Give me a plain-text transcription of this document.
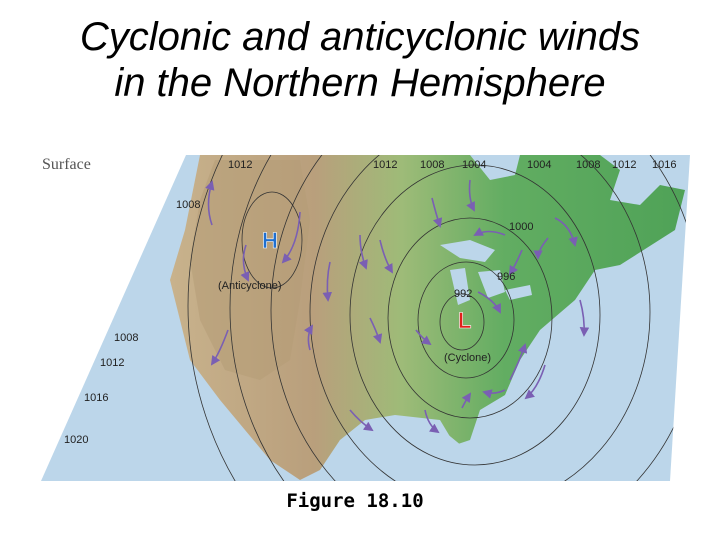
Cyclonic and anticyclonic winds
in the Northern Hemisphere
1012	1012 1008 1004	1004 1008 1012 1016
1008
1008
1012
1016
1020
1000
996
992
H
(Anticyclone)
L
(Cyclone)
Surface
Figure 18.10
